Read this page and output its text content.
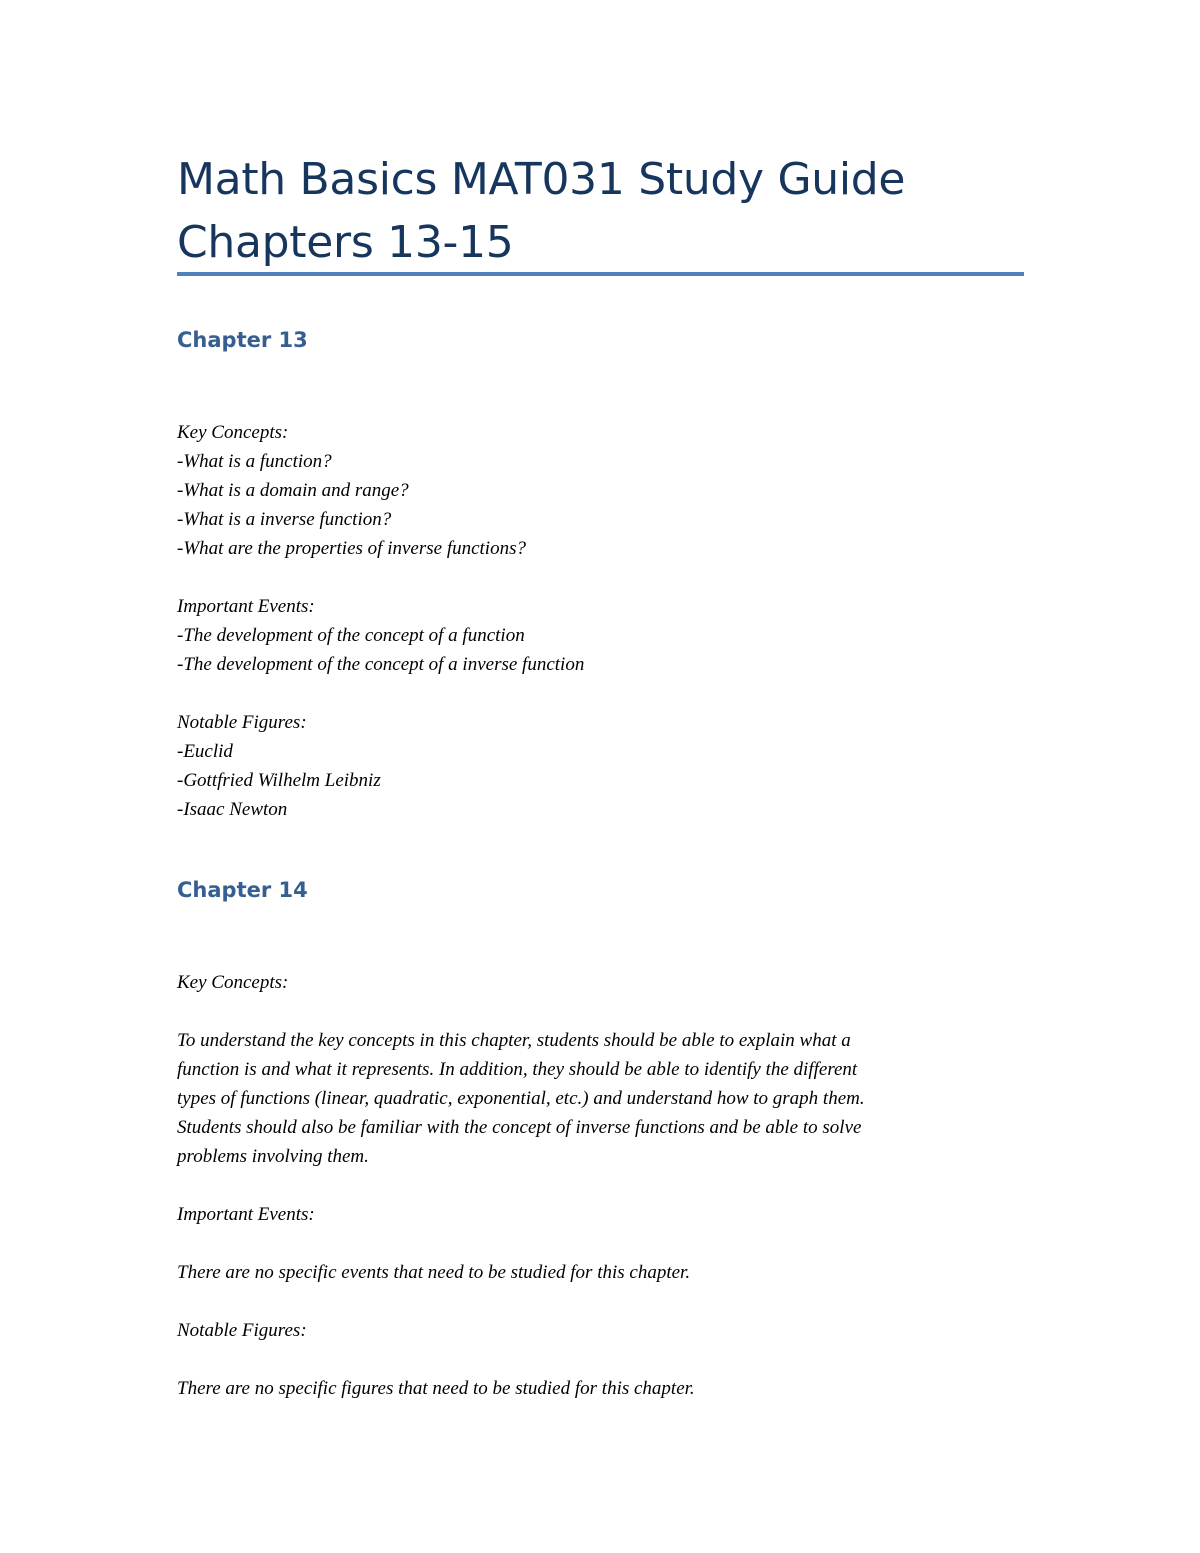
Math Basics MAT031 Study Guide
Chapters 13-15
Chapter 13
Key Concepts:
-What is a function?
-What is a domain and range?
-What is a inverse function?
-What are the properties of inverse functions?
Important Events:
-The development of the concept of a function
-The development of the concept of a inverse function
Notable Figures:
-Euclid
-Gottfried Wilhelm Leibniz
-Isaac Newton
Chapter 14
Key Concepts:
To understand the key concepts in this chapter, students should be able to explain what a
function is and what it represents. In addition, they should be able to identify the different
types of functions (linear, quadratic, exponential, etc.) and understand how to graph them.
Students should also be familiar with the concept of inverse functions and be able to solve
problems involving them.
Important Events:
There are no specific events that need to be studied for this chapter.
Notable Figures:
There are no specific figures that need to be studied for this chapter.
